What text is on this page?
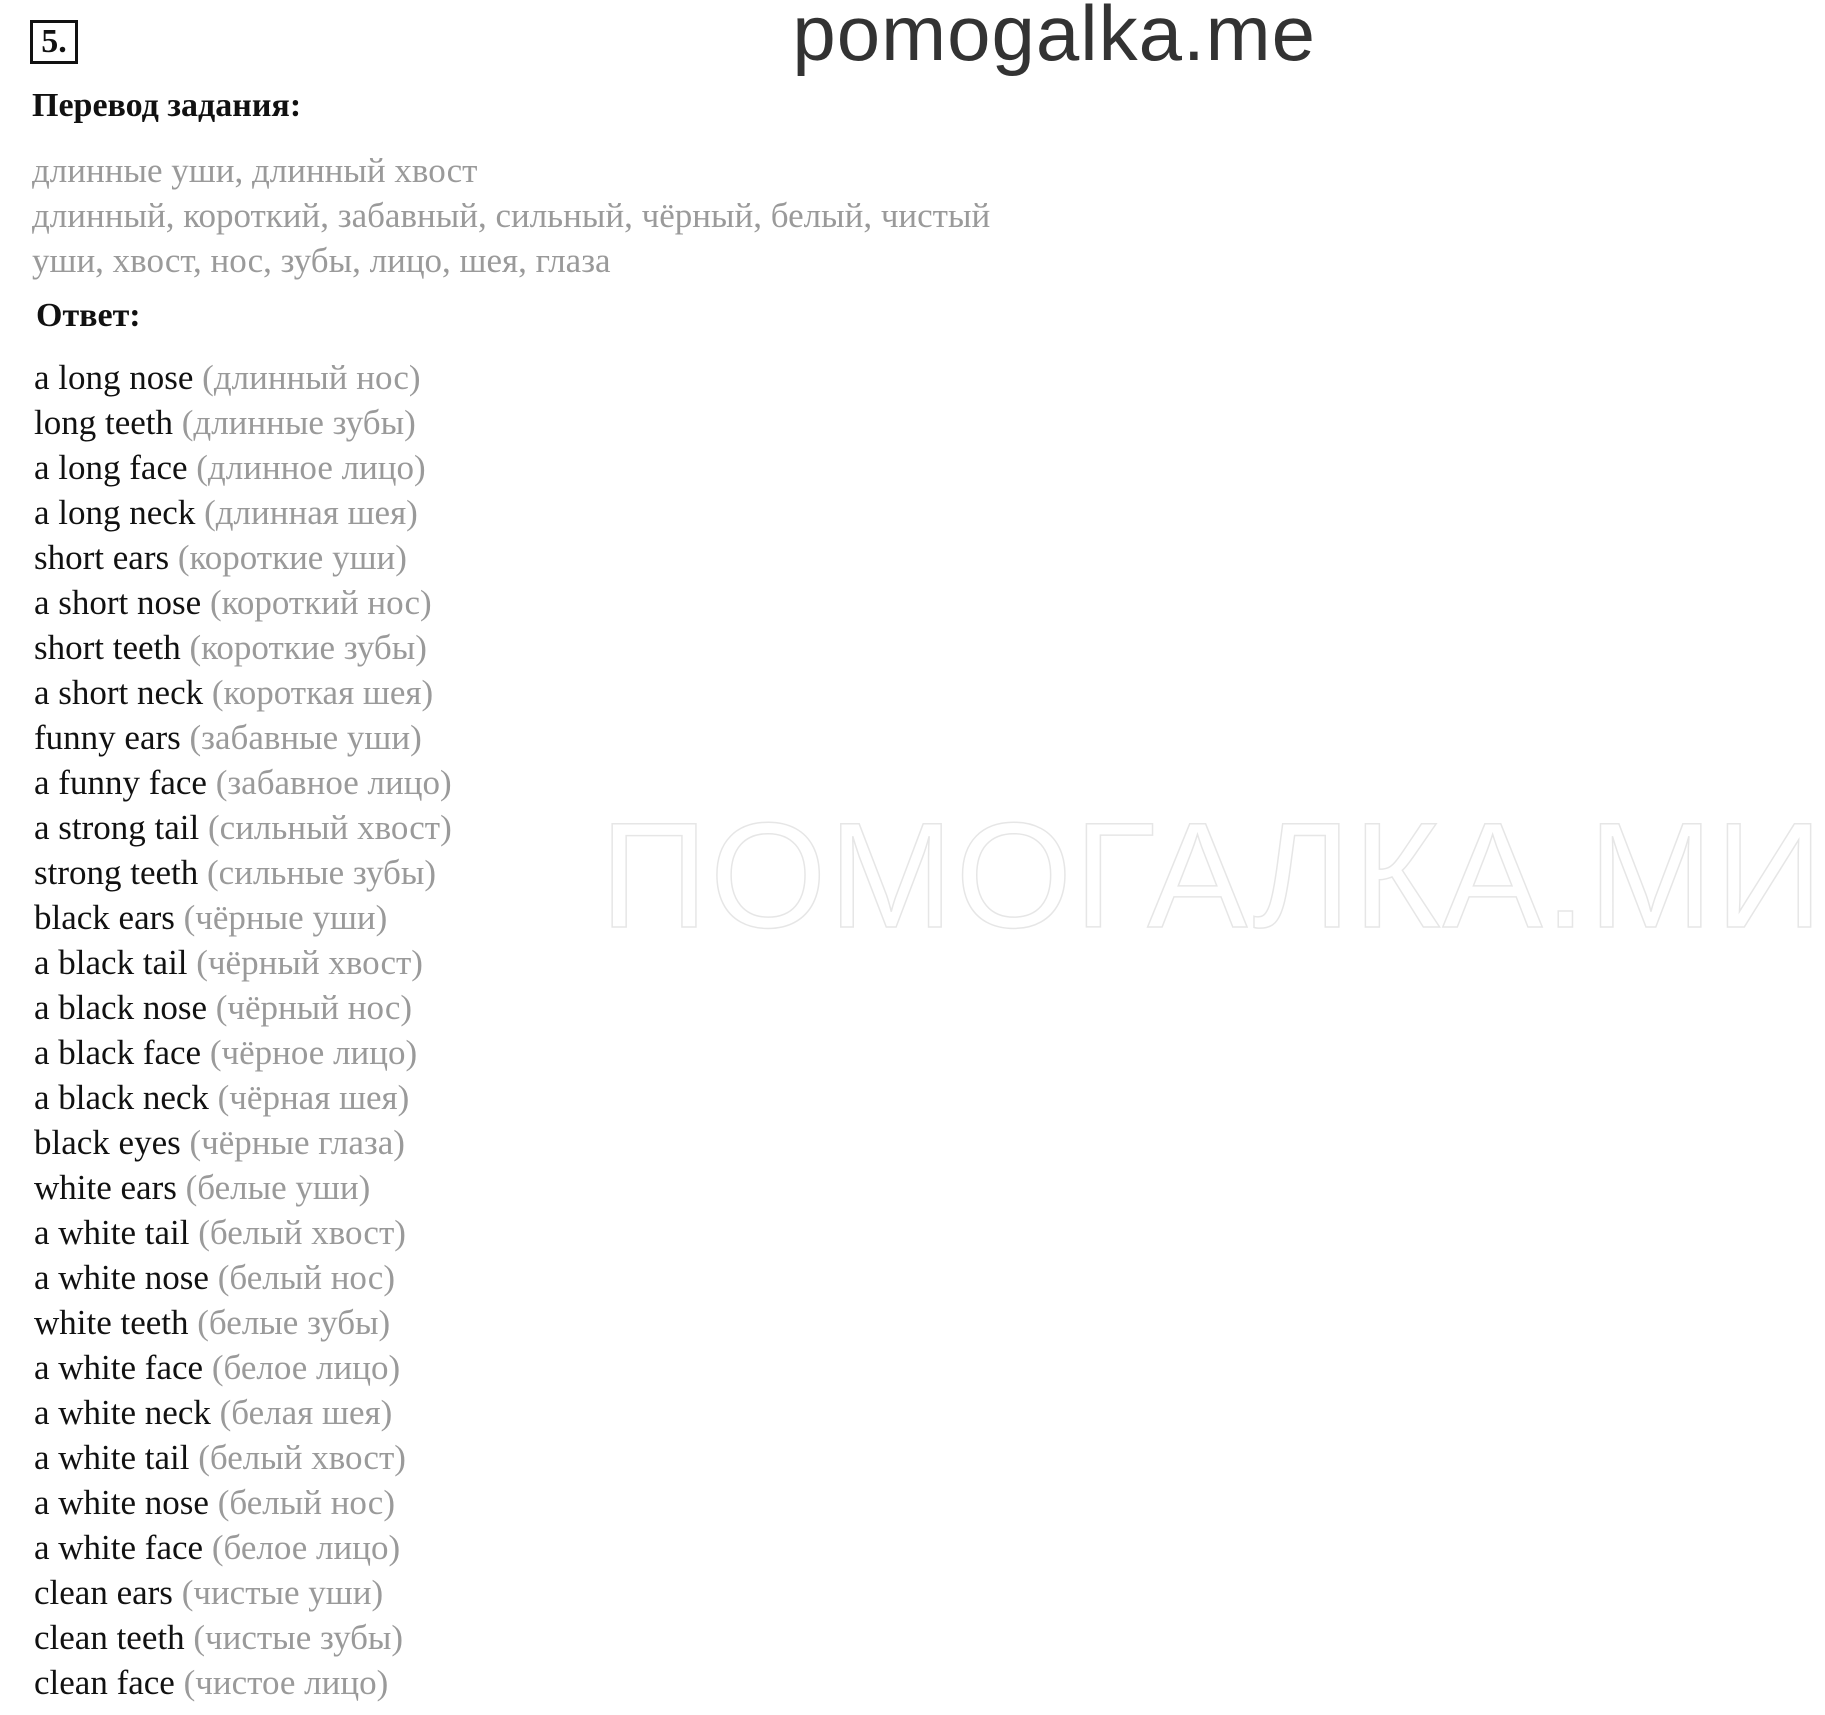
ПОМОГАЛКА.МИ
5.	pomogalka.me
Перевод задания:
длинные уши, длинный хвост
длинный, короткий, забавный, сильный, чёрный, белый, чистый
уши, хвост, нос, зубы, лицо, шея, глаза
Ответ:
a long nose (длинный нос)
long teeth (длинные зубы)
a long face (длинное лицо)
a long neck (длинная шея)
short ears (короткие уши)
a short nose (короткий нос)
short teeth (короткие зубы)
a short neck (короткая шея)
funny ears (забавные уши)
a funny face (забавное лицо)
a strong tail (сильный хвост)
strong teeth (сильные зубы)
black ears (чёрные уши)
a black tail (чёрный хвост)
a black nose (чёрный нос)
a black face (чёрное лицо)
a black neck (чёрная шея)
black eyes (чёрные глаза)
white ears (белые уши)
a white tail (белый хвост)
a white nose (белый нос)
white teeth (белые зубы)
a white face (белое лицо)
a white neck (белая шея)
a white tail (белый хвост)
a white nose (белый нос)
a white face (белое лицо)
clean ears (чистые уши)
clean teeth (чистые зубы)
clean face (чистое лицо)
